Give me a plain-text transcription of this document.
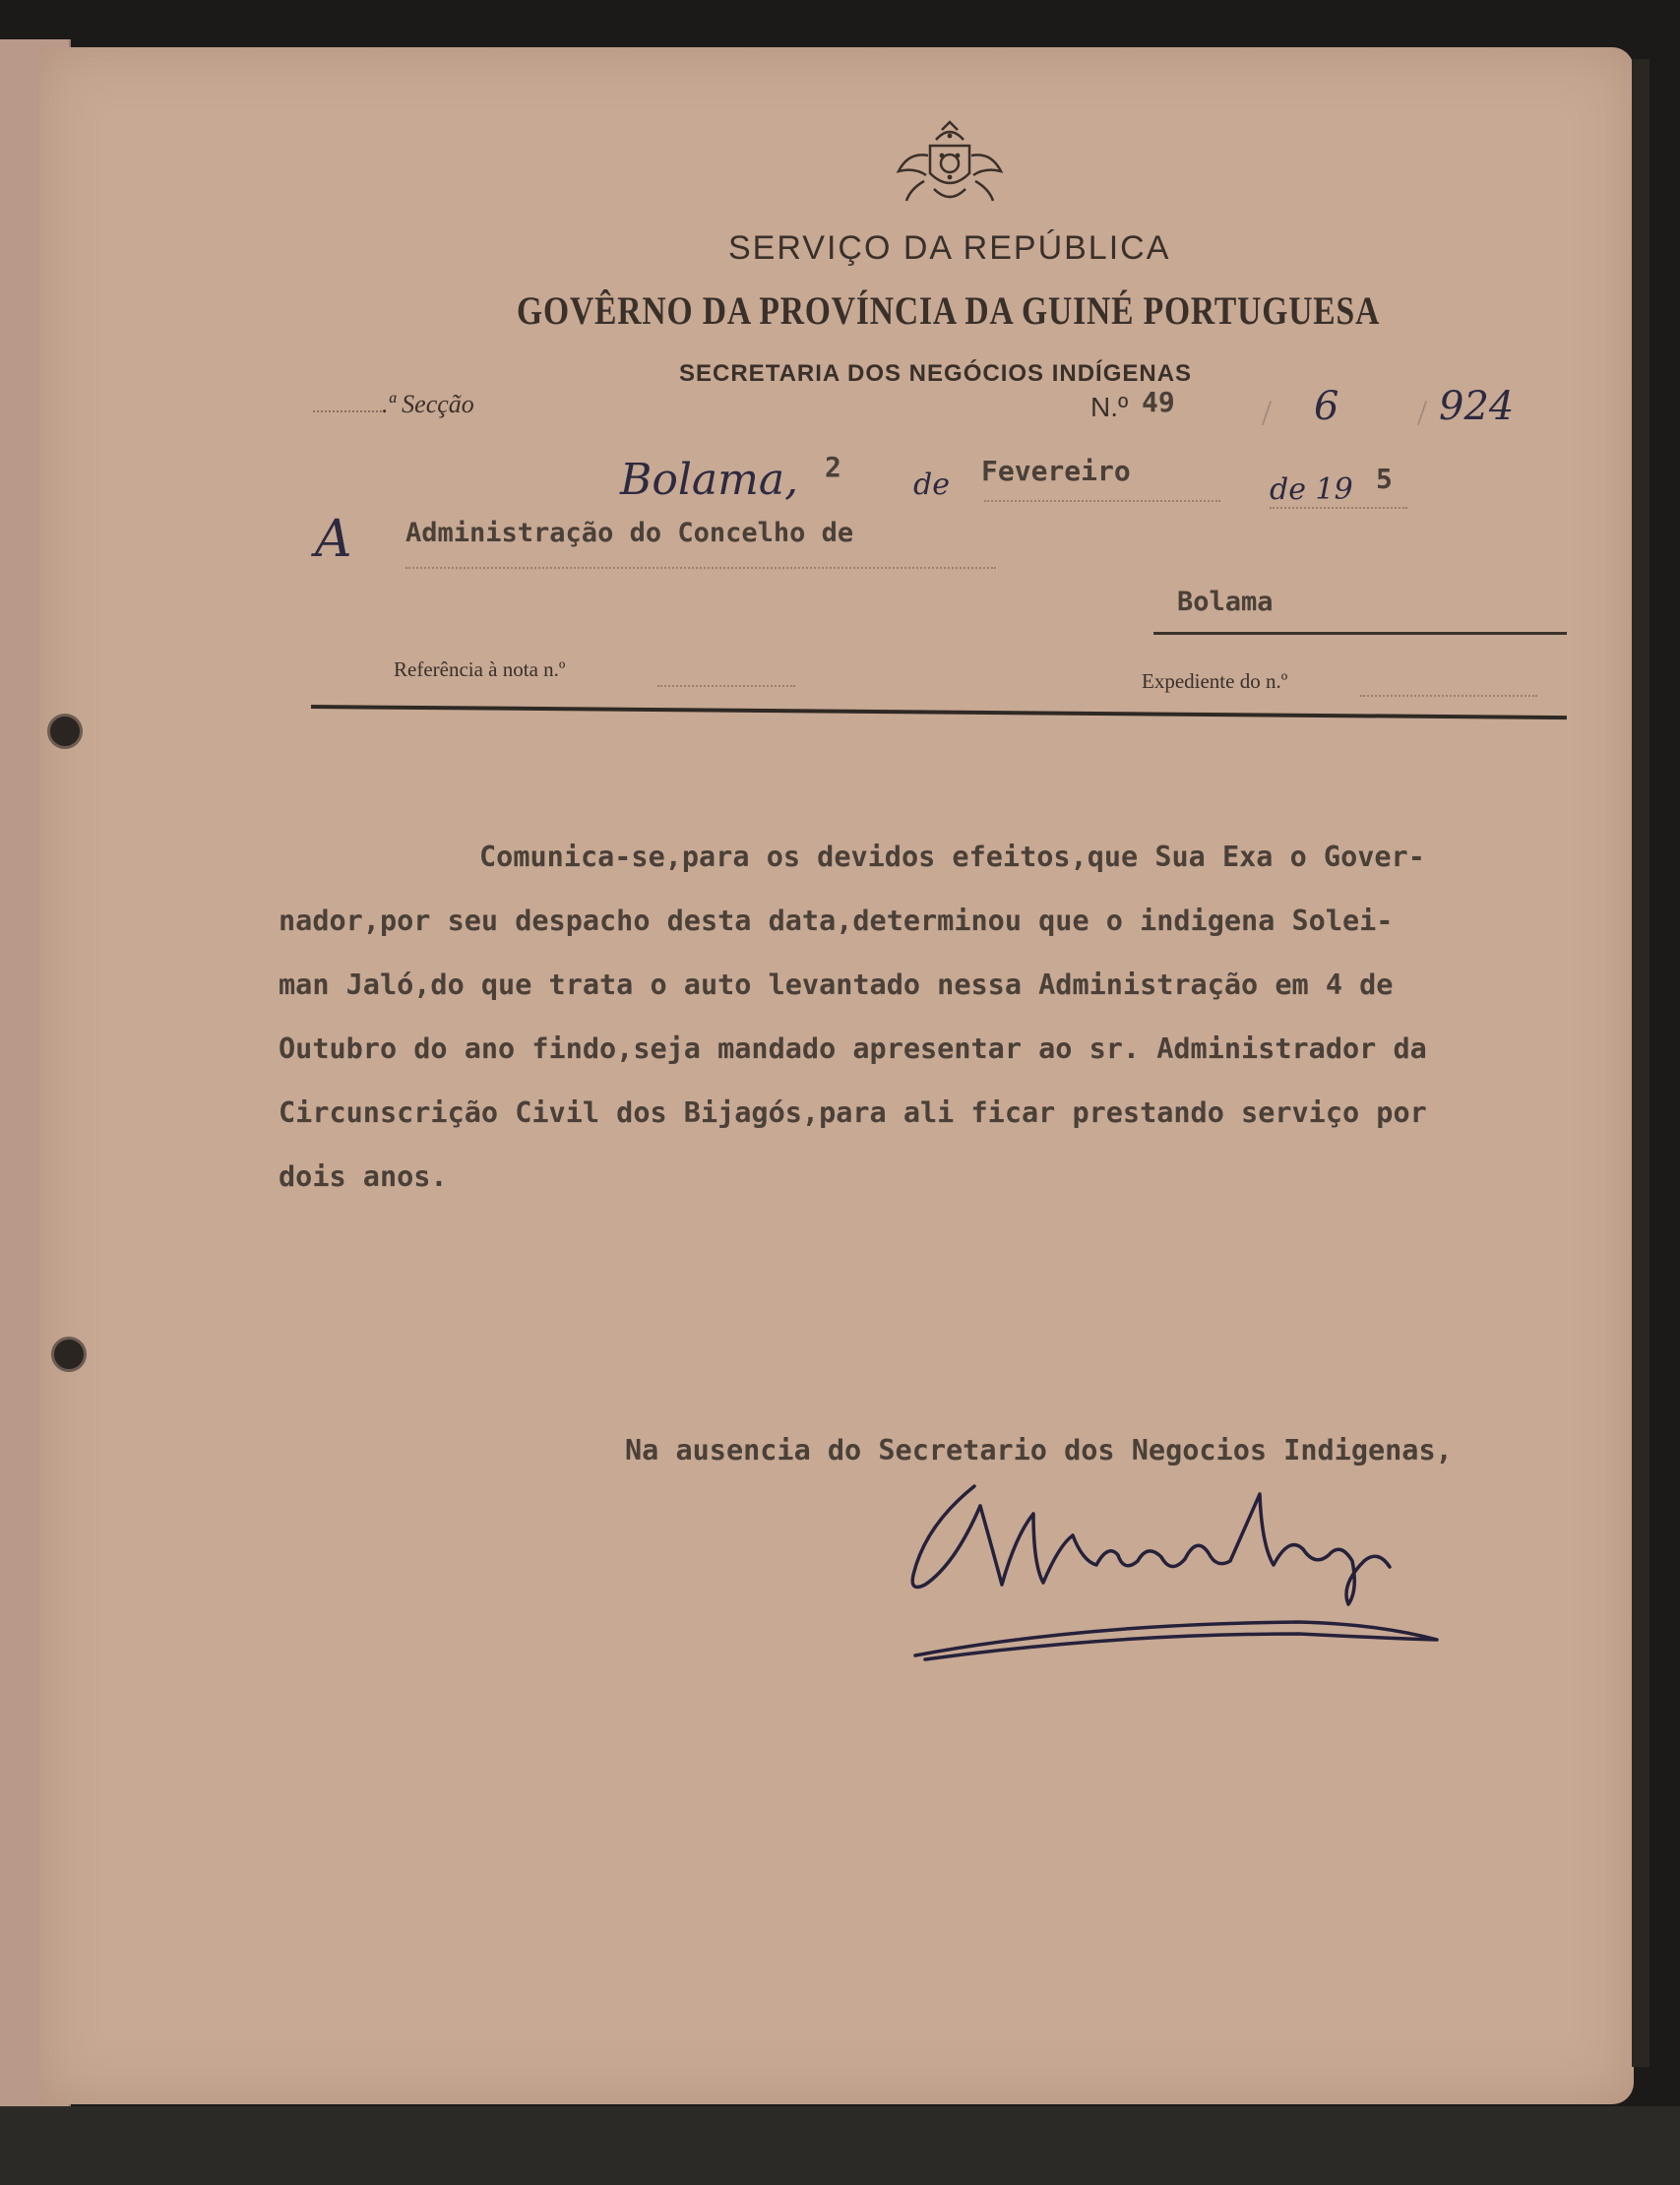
SERVIÇO DA REPÚBLICA
GOVÊRNO DA PROVÍNCIA DA GUINÉ PORTUGUESA
SECRETARIA DOS NEGÓCIOS INDÍGENAS
.ª Secção	N.º 49 / 6 / 924
Bolama, 2
de Fevereiro
de 19 5
A Administração do Concelho de
Bolama
Referência à nota n.º	Expediente do n.º
Comunica-se,para os devidos efeitos,que Sua Exa o Gover-
nador,por seu despacho desta data,determinou que o indigena Solei-
man Jaló,do que trata o auto levantado nessa Administração em 4 de
Outubro do ano findo,seja mandado apresentar ao sr. Administrador da
Circunscrição Civil dos Bijagós,para ali ficar prestando serviço por
dois anos.
Na ausencia do Secretario dos Negocios Indigenas,
